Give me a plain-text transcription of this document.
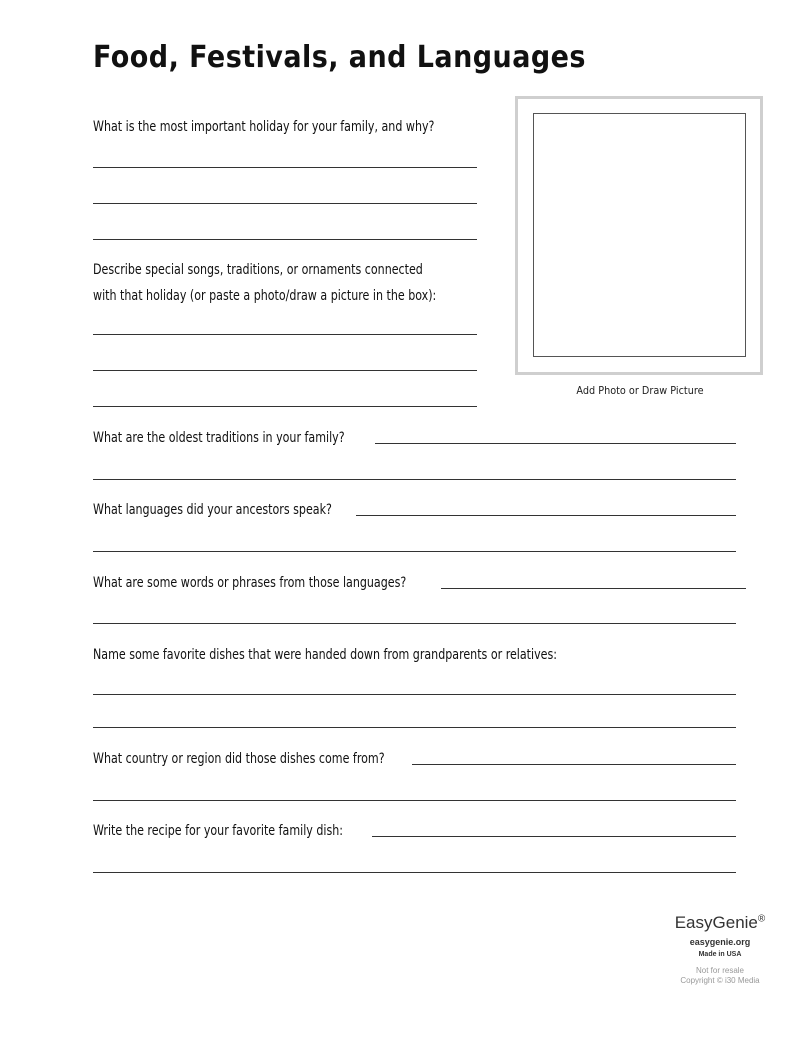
Food, Festivals, and Languages
What is the most important holiday for your family, and why?
Describe special songs, traditions, or ornaments connected
with that holiday (or paste a photo/draw a picture in the box):
Add Photo or Draw Picture
What are the oldest traditions in your family?
What languages did your ancestors speak?
What are some words or phrases from those languages?
Name some favorite dishes that were handed down from grandparents or relatives:
What country or region did those dishes come from?
Write the recipe for your favorite family dish:
EasyGenie®
easygenie.org
Made in USA
Not for resale
Copyright © i30 Media
